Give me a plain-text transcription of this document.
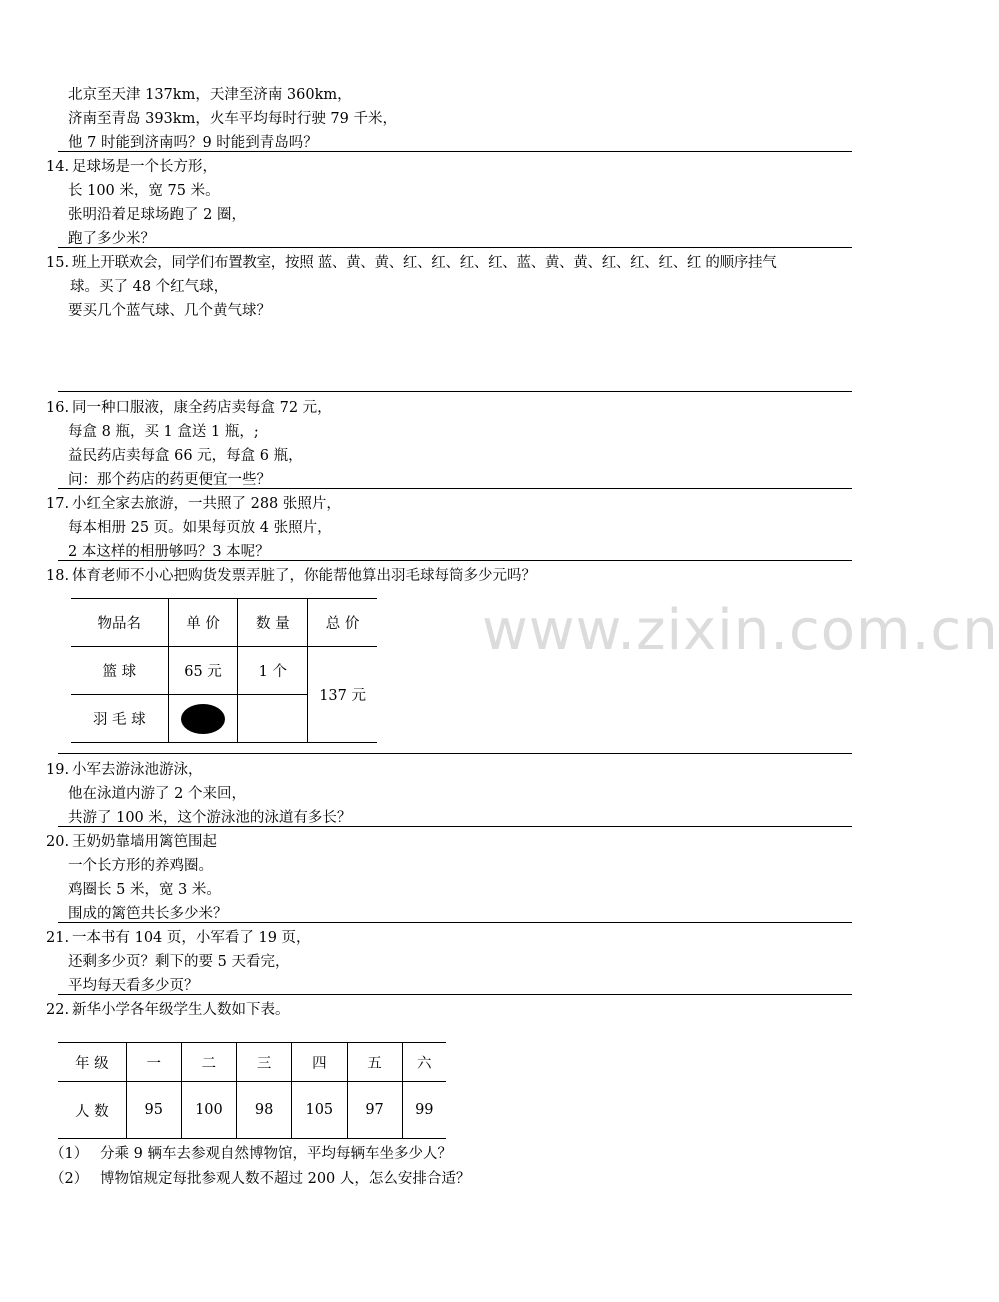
www.zixin.com.cn
北京至天津 137km，天津至济南 360km，
济南至青岛 393km，火车平均每时行驶 79 千米，
他 7 时能到济南吗？9 时能到青岛吗？
14. 足球场是一个长方形，
长 100 米，宽 75 米。
张明沿着足球场跑了 2 圈，
跑了多少米？
15. 班上开联欢会，同学们布置教室，按照 蓝、黄、黄、红、红、红、红、蓝、黄、黄、红、红、红、红 的顺序挂气
球。买了 48 个红气球，
要买几个蓝气球、几个黄气球？
16. 同一种口服液，康全药店卖每盒 72 元，
每盒 8 瓶，买 1 盒送 1 瓶，;
益民药店卖每盒 66 元，每盒 6 瓶，
问：那个药店的药更便宜一些？
17. 小红全家去旅游，一共照了 288 张照片，
每本相册 25 页。如果每页放 4 张照片，
2 本这样的相册够吗？3 本呢？
18. 体育老师不小心把购货发票弄脏了，你能帮他算出羽毛球每筒多少元吗？
物品名	单 价	数 量	总 价
篮 球	65 元	1 个	137 元
羽 毛 球			
19. 小军去游泳池游泳，
他在泳道内游了 2 个来回，
共游了 100 米，这个游泳池的泳道有多长？
20. 王奶奶靠墙用篱笆围起
一个长方形的养鸡圈。
鸡圈长 5 米，宽 3 米。
围成的篱笆共长多少米？
21. 一本书有 104 页，小军看了 19 页，
还剩多少页？剩下的要 5 天看完，
平均每天看多少页？
22. 新华小学各年级学生人数如下表。
年 级	一	二	三	四	五	六
人 数	95	100	98	105	97	99
（1） 分乘 9 辆车去参观自然博物馆，平均每辆车坐多少人？
（2） 博物馆规定每批参观人数不超过 200 人，怎么安排合适？
